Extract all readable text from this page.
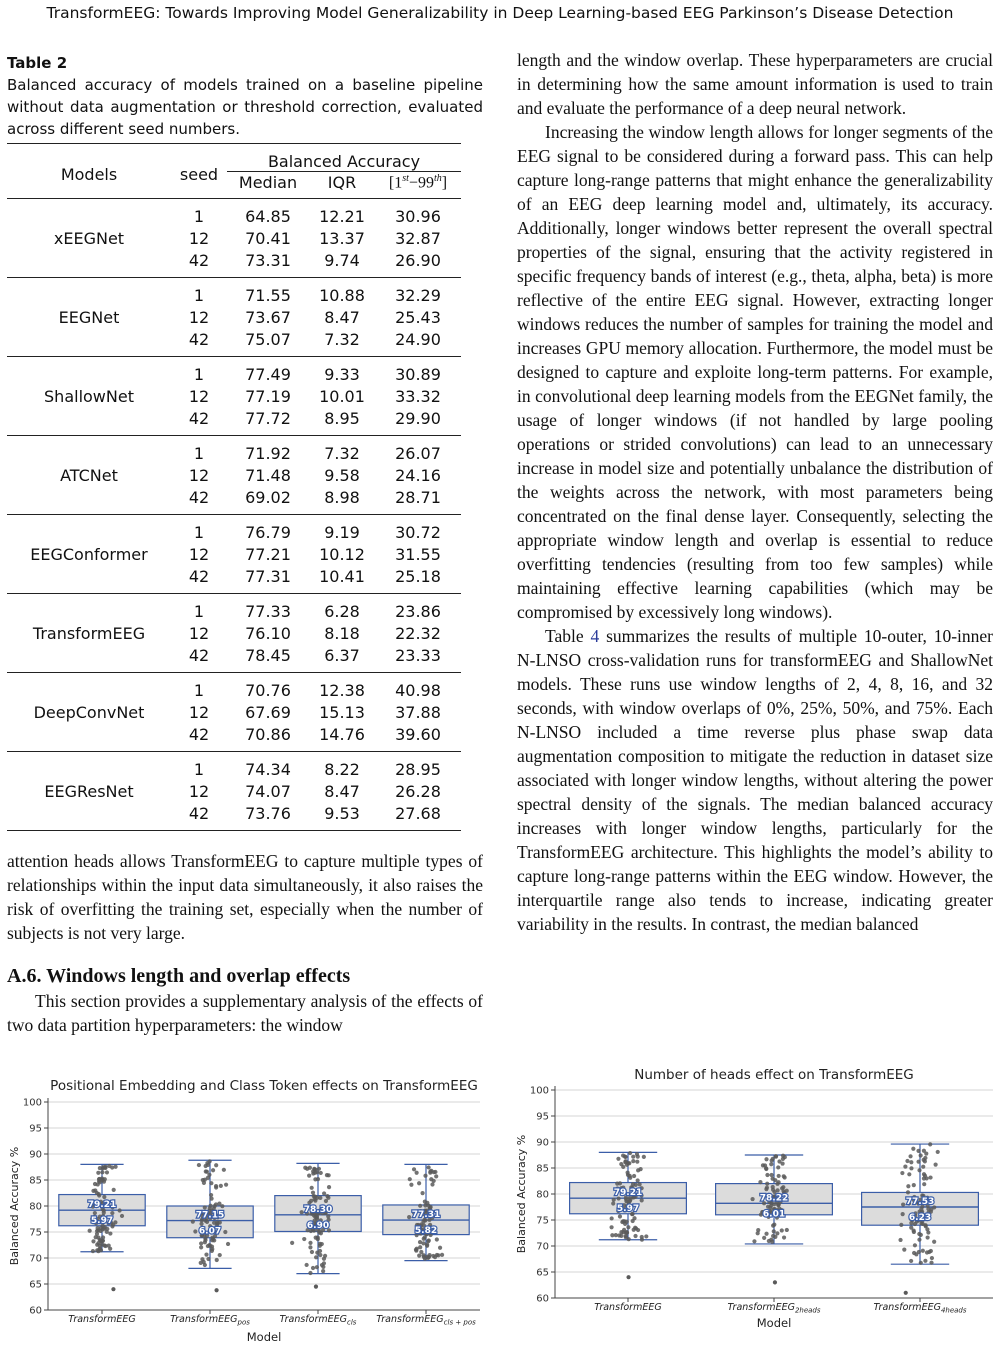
TransformEEG: Towards Improving Model Generalizability in Deep Learning-based EEG Parkinson’s Disease Detection
Table 2
Balanced accuracy of models trained on a baseline pipeline without data augmentation or threshold correction, evaluated across different seed numbers.
Models	seed	Balanced Accuracy		
		Median	IQR	[1st−99th]
xEEGNet	1	64.85	12.21	30.96
	12	70.41	13.37	32.87
	42	73.31	9.74	26.90
EEGNet	1	71.55	10.88	32.29
	12	73.67	8.47	25.43
	42	75.07	7.32	24.90
ShallowNet	1	77.49	9.33	30.89
	12	77.19	10.01	33.32
	42	77.72	8.95	29.90
ATCNet	1	71.92	7.32	26.07
	12	71.48	9.58	24.16
	42	69.02	8.98	28.71
EEGConformer	1	76.79	9.19	30.72
	12	77.21	10.12	31.55
	42	77.31	10.41	25.18
TransformEEG	1	77.33	6.28	23.86
	12	76.10	8.18	22.32
	42	78.45	6.37	23.33
DeepConvNet	1	70.76	12.38	40.98
	12	67.69	15.13	37.88
	42	70.86	14.76	39.60
EEGResNet	1	74.34	8.22	28.95
	12	74.07	8.47	26.28
	42	73.76	9.53	27.68

attention heads allows TransformEEG to capture multiple types of relationships within the input data simultaneously, it also raises the risk of overfitting the training set, especially when the number of subjects is not very large.

A.6. Windows length and overlap effects

This section provides a supplementary analysis of the effects of two data partition hyperparameters: the window

length and the window overlap. These hyperparameters are crucial in determining how the same amount information is used to train and evaluate the performance of a deep neural network.

Increasing the window length allows for longer segments of the EEG signal to be considered during a forward pass. This can help capture long-range patterns that might enhance the generalizability of an EEG deep learning model and, ultimately, its accuracy. Additionally, longer windows better represent the overall spectral properties of the signal, ensuring that the activity registered in specific frequency bands of interest (e.g., theta, alpha, beta) is more reflective of the entire EEG signal. However, extracting longer windows reduces the number of samples for training the model and increases GPU memory allocation. Furthermore, the model must be designed to capture and exploite long-term patterns. For example, in convolutional deep learning models from the EEGNet family, the usage of longer windows (if not handled by large pooling operations or strided convolutions) can lead to an unnecessary increase in model size and potentially unbalance the distribution of the weights across the network, with most parameters being concentrated on the final dense layer. Consequently, selecting the appropriate window length and overlap is essential to reduce overfitting tendencies (resulting from too few samples) while maintaining effective learning capabilities (which may be compromised by excessively long windows).

Table 4 summarizes the results of multiple 10-outer, 10-inner N-LNSO cross-validation runs for transformEEG and ShallowNet models. These runs use window lengths of 2, 4, 8, 16, and 32 seconds, with window overlaps of 0%, 25%, 50%, and 75%. Each N-LNSO included a time reverse plus phase swap data augmentation composition to mitigate the reduction in dataset size associated with longer window lengths, without altering the power spectral density of the signals. The median balanced accuracy increases with longer window lengths, particularly for the TransformEEG architecture. This highlights the model’s ability to capture long-range patterns within the EEG window. However, the interquartile range also tends to increase, indicating greater variability in the results. In contrast, the median balanced

Positional Embedding and Class Token effects on TransformEEG
60
65
70
75
80
85
90
95
100
Balanced Accuracy %
Model
79.21
5.97
TransformEEG
77.15
6.07
TransformEEG$_{pos}$
78.30
6.90
TransformEEG$_{cls}$
77.31
5.82
TransformEEG$_{cls + pos}$
Number of heads effect on TransformEEG
60
65
70
75
80
85
90
95
100
Balanced Accuracy %
Model
79.21
5.97
TransformEEG
78.22
6.01
TransformEEG$_{2heads}$
77.53
6.23
TransformEEG$_{4heads}$
